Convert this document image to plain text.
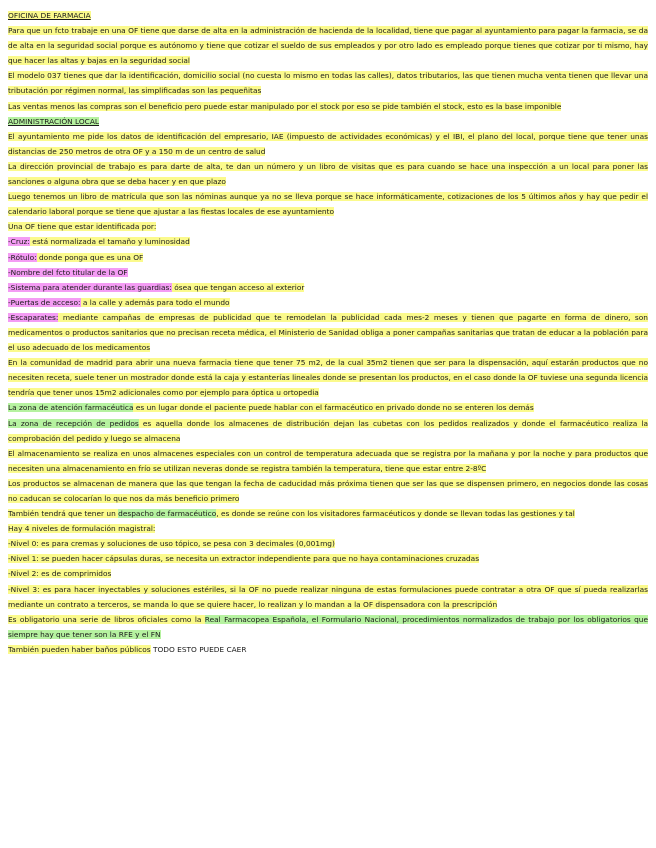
OFICINA DE FARMACIA

Para que un fcto trabaje en una OF tiene que darse de alta en la administración de hacienda de la localidad, tiene que pagar al ayuntamiento para pagar la farmacia, se da de alta en la seguridad social porque es autónomo y tiene que cotizar el sueldo de sus empleados y por otro lado es empleado porque tienes que cotizar por ti mismo, hay que hacer las altas y bajas en la seguridad social

El modelo 037 tienes que dar la identificación, domicilio social (no cuesta lo mismo en todas las calles), datos tributarios, las que tienen mucha venta tienen que llevar una tributación por régimen normal, las simplificadas son las pequeñitas

Las ventas menos las compras son el beneficio pero puede estar manipulado por el stock por eso se pide también el stock, esto es la base imponible

ADMINISTRACIÓN LOCAL

El ayuntamiento me pide los datos de identificación del empresario, IAE (impuesto de actividades económicas) y el IBI, el plano del local, porque tiene que tener unas distancias de 250 metros de otra OF y a 150 m de un centro de salud

La dirección provincial de trabajo es para darte de alta, te dan un número y un libro de visitas que es para cuando se hace una inspección a un local para poner las sanciones o alguna obra que se deba hacer y en que plazo

Luego tenemos un libro de matrícula que son las nóminas aunque ya no se lleva porque se hace informáticamente, cotizaciones de los 5 últimos años y hay que pedir el calendario laboral porque se tiene que ajustar a las fiestas locales de ese ayuntamiento

Una OF tiene que estar identificada por:

-Cruz: está normalizada el tamaño y luminosidad

-Rótulo: donde ponga que es una OF

-Nombre del fcto titular de la OF

-Sistema para atender durante las guardias: ósea que tengan acceso al exterior

-Puertas de acceso: a la calle y además para todo el mundo

-Escaparates: mediante campañas de empresas de publicidad que te remodelan la publicidad cada mes-2 meses y tienen que pagarte en forma de dinero, son medicamentos o productos sanitarios que no precisan receta médica, el Ministerio de Sanidad obliga a poner campañas sanitarias que tratan de educar a la población para el uso adecuado de los medicamentos

En la comunidad de madrid para abrir una nueva farmacia tiene que tener 75 m2, de la cual 35m2 tienen que ser para la dispensación, aquí estarán productos que no necesiten receta, suele tener un mostrador donde está la caja y estanterías lineales donde se presentan los productos, en el caso donde la OF tuviese una segunda licencia tendría que tener unos 15m2 adicionales como por ejemplo para óptica u ortopedia

La zona de atención farmacéutica es un lugar donde el paciente puede hablar con el farmacéutico en privado donde no se enteren los demás

La zona de recepción de pedidos es aquella donde los almacenes de distribución dejan las cubetas con los pedidos realizados y donde el farmacéutico realiza la comprobación del pedido y luego se almacena

El almacenamiento se realiza en unos almacenes especiales con un control de temperatura adecuada que se registra por la mañana y por la noche y para productos que necesiten una almacenamiento en frío se utilizan neveras donde se registra también la temperatura, tiene que estar entre 2-8ºC

Los productos se almacenan de manera que las que tengan la fecha de caducidad más próxima tienen que ser las que se dispensen primero, en negocios donde las cosas no caducan se colocarían lo que nos da más beneficio primero

También tendrá que tener un despacho de farmacéutico, es donde se reúne con los visitadores farmacéuticos y donde se llevan todas las gestiones y tal

Hay 4 niveles de formulación magistral:

-Nivel 0: es para cremas y soluciones de uso tópico, se pesa con 3 decimales (0,001mg)

-Nivel 1: se pueden hacer cápsulas duras, se necesita un extractor independiente para que no haya contaminaciones cruzadas

-Nivel 2: es de comprimidos

-Nivel 3: es para hacer inyectables y soluciones estériles, si la OF no puede realizar ninguna de estas formulaciones puede contratar a otra OF que sí pueda realizarlas mediante un contrato a terceros, se manda lo que se quiere hacer, lo realizan y lo mandan a la OF dispensadora con la prescripción

Es obligatorio una serie de libros oficiales como la Real Farmacopea Española, el Formulario Nacional, procedimientos normalizados de trabajo por los obligatorios que siempre hay que tener son la RFE y el FN

También pueden haber baños públicos TODO ESTO PUEDE CAER
